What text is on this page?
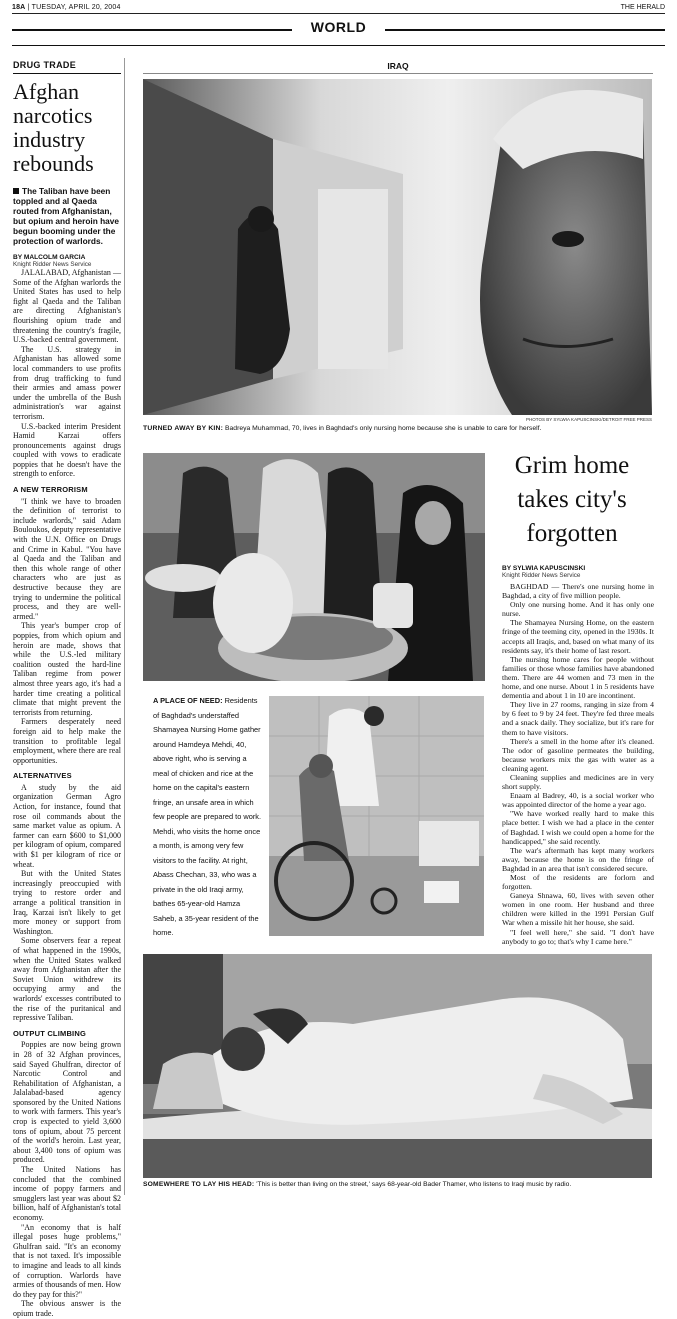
18A | TUESDAY, APRIL 20, 2004	THE HERALD
WORLD
DRUG TRADE
Afghan narcotics industry rebounds
The Taliban have been toppled and al Qaeda routed from Afghanistan, but opium and heroin have begun booming under the protection of warlords.
BY MALCOLM GARCIA
Knight Ridder News Service

JALALABAD, Afghanistan — Some of the Afghan warlords the United States has used to help fight al Qaeda and the Taliban are directing Afghanistan's flourishing opium trade and threatening the country's fragile, U.S.-backed central government.

The U.S. strategy in Afghanistan has allowed some local commanders to use profits from drug trafficking to fund their armies and amass power under the umbrella of the Bush administration's war against terrorism.

U.S.-backed interim President Hamid Karzai offers pronouncements against drugs coupled with vows to eradicate poppies that he doesn't have the strength to enforce.

A NEW TERRORISM

"I think we have to broaden the definition of terrorist to include warlords," said Adam Bouloukos, deputy representative with the U.N. Office on Drugs and Crime in Kabul. "You have al Qaeda and the Taliban and then this whole range of other characters who are just as destructive because they are trying to undermine the political process, and they are well-armed."

This year's bumper crop of poppies, from which opium and heroin are made, shows that while the U.S.-led military coalition ousted the hard-line Taliban regime from power almost three years ago, it's had a harder time creating a political climate that might prevent the terrorists from returning.

Farmers desperately need foreign aid to help make the transition to profitable legal employment, where there are real opportunities.

ALTERNATIVES

A study by the aid organization German Agro Action, for instance, found that rose oil commands about the same market value as opium. A farmer can earn $600 to $1,000 per kilogram of opium, compared with $1 per kilogram of rice or wheat.

But with the United States increasingly preoccupied with trying to restore order and arrange a political transition in Iraq, Karzai isn't likely to get more money or support from Washington.

Some observers fear a repeat of what happened in the 1990s, when the United States walked away from Afghanistan after the Soviet Union withdrew its occupying army and the warlords' excesses contributed to the rise of the puritanical and repressive Taliban.

OUTPUT CLIMBING

Poppies are now being grown in 28 of 32 Afghan provinces, said Sayed Ghulfran, director of Narcotic Control and Rehabilitation of Afghanistan, a Jalalabad-based agency sponsored by the United Nations to work with farmers. This year's crop is expected to yield 3,600 tons of opium, about 75 percent of the world's heroin. Last year, about 3,400 tons of opium was produced.

The United Nations has concluded that the combined income of poppy farmers and smugglers last year was about $2 billion, half of Afghanistan's total economy.

"An economy that is half illegal poses huge problems," Ghulfran said. "It's an economy that is not taxed. It's impossible to imagine and leads to all kinds of corruption. Warlords have armies of thousands of men. How do they pay for this?"

The obvious answer is the opium trade.

IRAQ
PHOTOS BY SYLWIA KAPUSCINSKI/DETROIT FREE PRESS
TURNED AWAY BY KIN: Badreya Muhammad, 70, lives in Baghdad's only nursing home because she is unable to care for herself.
Grim home takes city's forgotten
BY SYLWIA KAPUSCINSKI
Knight Ridder News Service

BAGHDAD — There's one nursing home in Baghdad, a city of five million people.

Only one nursing home. And it has only one nurse.

The Shamayea Nursing Home, on the eastern fringe of the teeming city, opened in the 1930s. It accepts all Iraqis, and, based on what many of its residents say, it's their home of last resort.

The nursing home cares for people without families or those whose families have abandoned them. There are 44 women and 73 men in the home, and one nurse. About 1 in 5 residents have dementia and about 1 in 10 are incontinent.

They live in 27 rooms, ranging in size from 4 by 6 feet to 9 by 24 feet. They're fed three meals and a snack daily. They socialize, but it's rare for them to have visitors.

There's a smell in the home after it's cleaned. The odor of gasoline permeates the building, because workers mix the gas with water as a cleaning agent.

Cleaning supplies and medicines are in very short supply.

Enaam al Badrey, 40, is a social worker who was appointed director of the home a year ago.

"We have worked really hard to make this place better. I wish we had a place in the center of Baghdad. I wish we could open a home for the handicapped," she said recently.

The war's aftermath has kept many workers away, because the home is on the fringe of Baghdad in an area that isn't considered secure.

Most of the residents are forlorn and forgotten.

Ganeya Shnawa, 60, lives with seven other women in one room. Her husband and three children were killed in the 1991 Persian Gulf War when a missile hit her house, she said.

"I feel well here," she said. "I don't have anybody to go to; that's why I came here."

A PLACE OF NEED: Residents of Baghdad's understaffed Shamayea Nursing Home gather around Hamdeya Mehdi, 40, above right, who is serving a meal of chicken and rice at the home on the capital's eastern fringe, an unsafe area in which few people are prepared to work. Mehdi, who visits the home once a month, is among very few visitors to the facility. At right, Abass Chechan, 33, who was a private in the old Iraqi army, bathes 65-year-old Hamza Saheb, a 35-year resident of the home.
SOMEWHERE TO LAY HIS HEAD: 'This is better than living on the street,' says 68-year-old Bader Thamer, who listens to Iraqi music by radio.
